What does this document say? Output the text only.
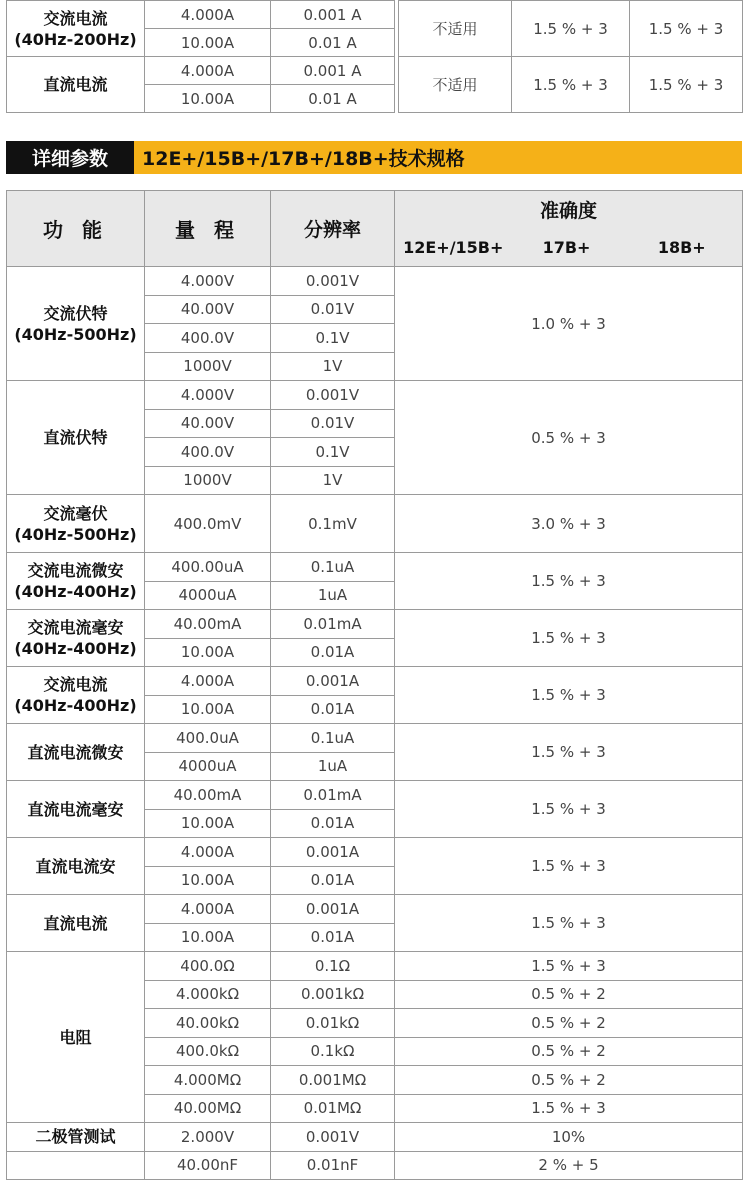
交流电流
(40Hz-200Hz)	4.000A	0.001 A		不适用	1.5 % + 3	1.5 % + 3
	10.00A	0.01 A				

直流电流	4.000A	0.001 A		不适用	1.5 % + 3	1.5 % + 3
	10.00A	0.01 A				
详细参数	12E+/15B+/17B+/18B+技术规格
功 能	量 程	分辨率	准确度		
			12E+/15B+	17B+	18B+

交流伏特
(40Hz-500Hz)	4.000V	0.001V	1.0 % + 3		
	40.00V	0.01V			
	400.0V	0.1V			
	1000V	1V			

直流伏特	4.000V	0.001V	0.5 % + 3		
	40.00V	0.01V			
	400.0V	0.1V			
	1000V	1V			

交流毫伏
(40Hz-500Hz)	400.0mV	0.1mV	3.0 % + 3		

交流电流微安
(40Hz-400Hz)	400.00uA	0.1uA	1.5 % + 3		
	4000uA	1uA			

交流电流毫安
(40Hz-400Hz)	40.00mA	0.01mA	1.5 % + 3		
	10.00A	0.01A			

交流电流
(40Hz-400Hz)	4.000A	0.001A	1.5 % + 3		
	10.00A	0.01A			

直流电流微安	400.0uA	0.1uA	1.5 % + 3		
	4000uA	1uA			

直流电流毫安	40.00mA	0.01mA	1.5 % + 3		
	10.00A	0.01A			

直流电流安	4.000A	0.001A	1.5 % + 3		
	10.00A	0.01A			

直流电流	4.000A	0.001A	1.5 % + 3		
	10.00A	0.01A			
电阻	400.0Ω	0.1Ω	1.5 % + 3		
	4.000kΩ	0.001kΩ	0.5 % + 2		
	40.00kΩ	0.01kΩ	0.5 % + 2		
	400.0kΩ	0.1kΩ	0.5 % + 2		
	4.000MΩ	0.001MΩ	0.5 % + 2		
	40.00MΩ	0.01MΩ	1.5 % + 3		
二极管测试	2.000V	0.001V	10%		
	40.00nF	0.01nF	2 % + 5		
